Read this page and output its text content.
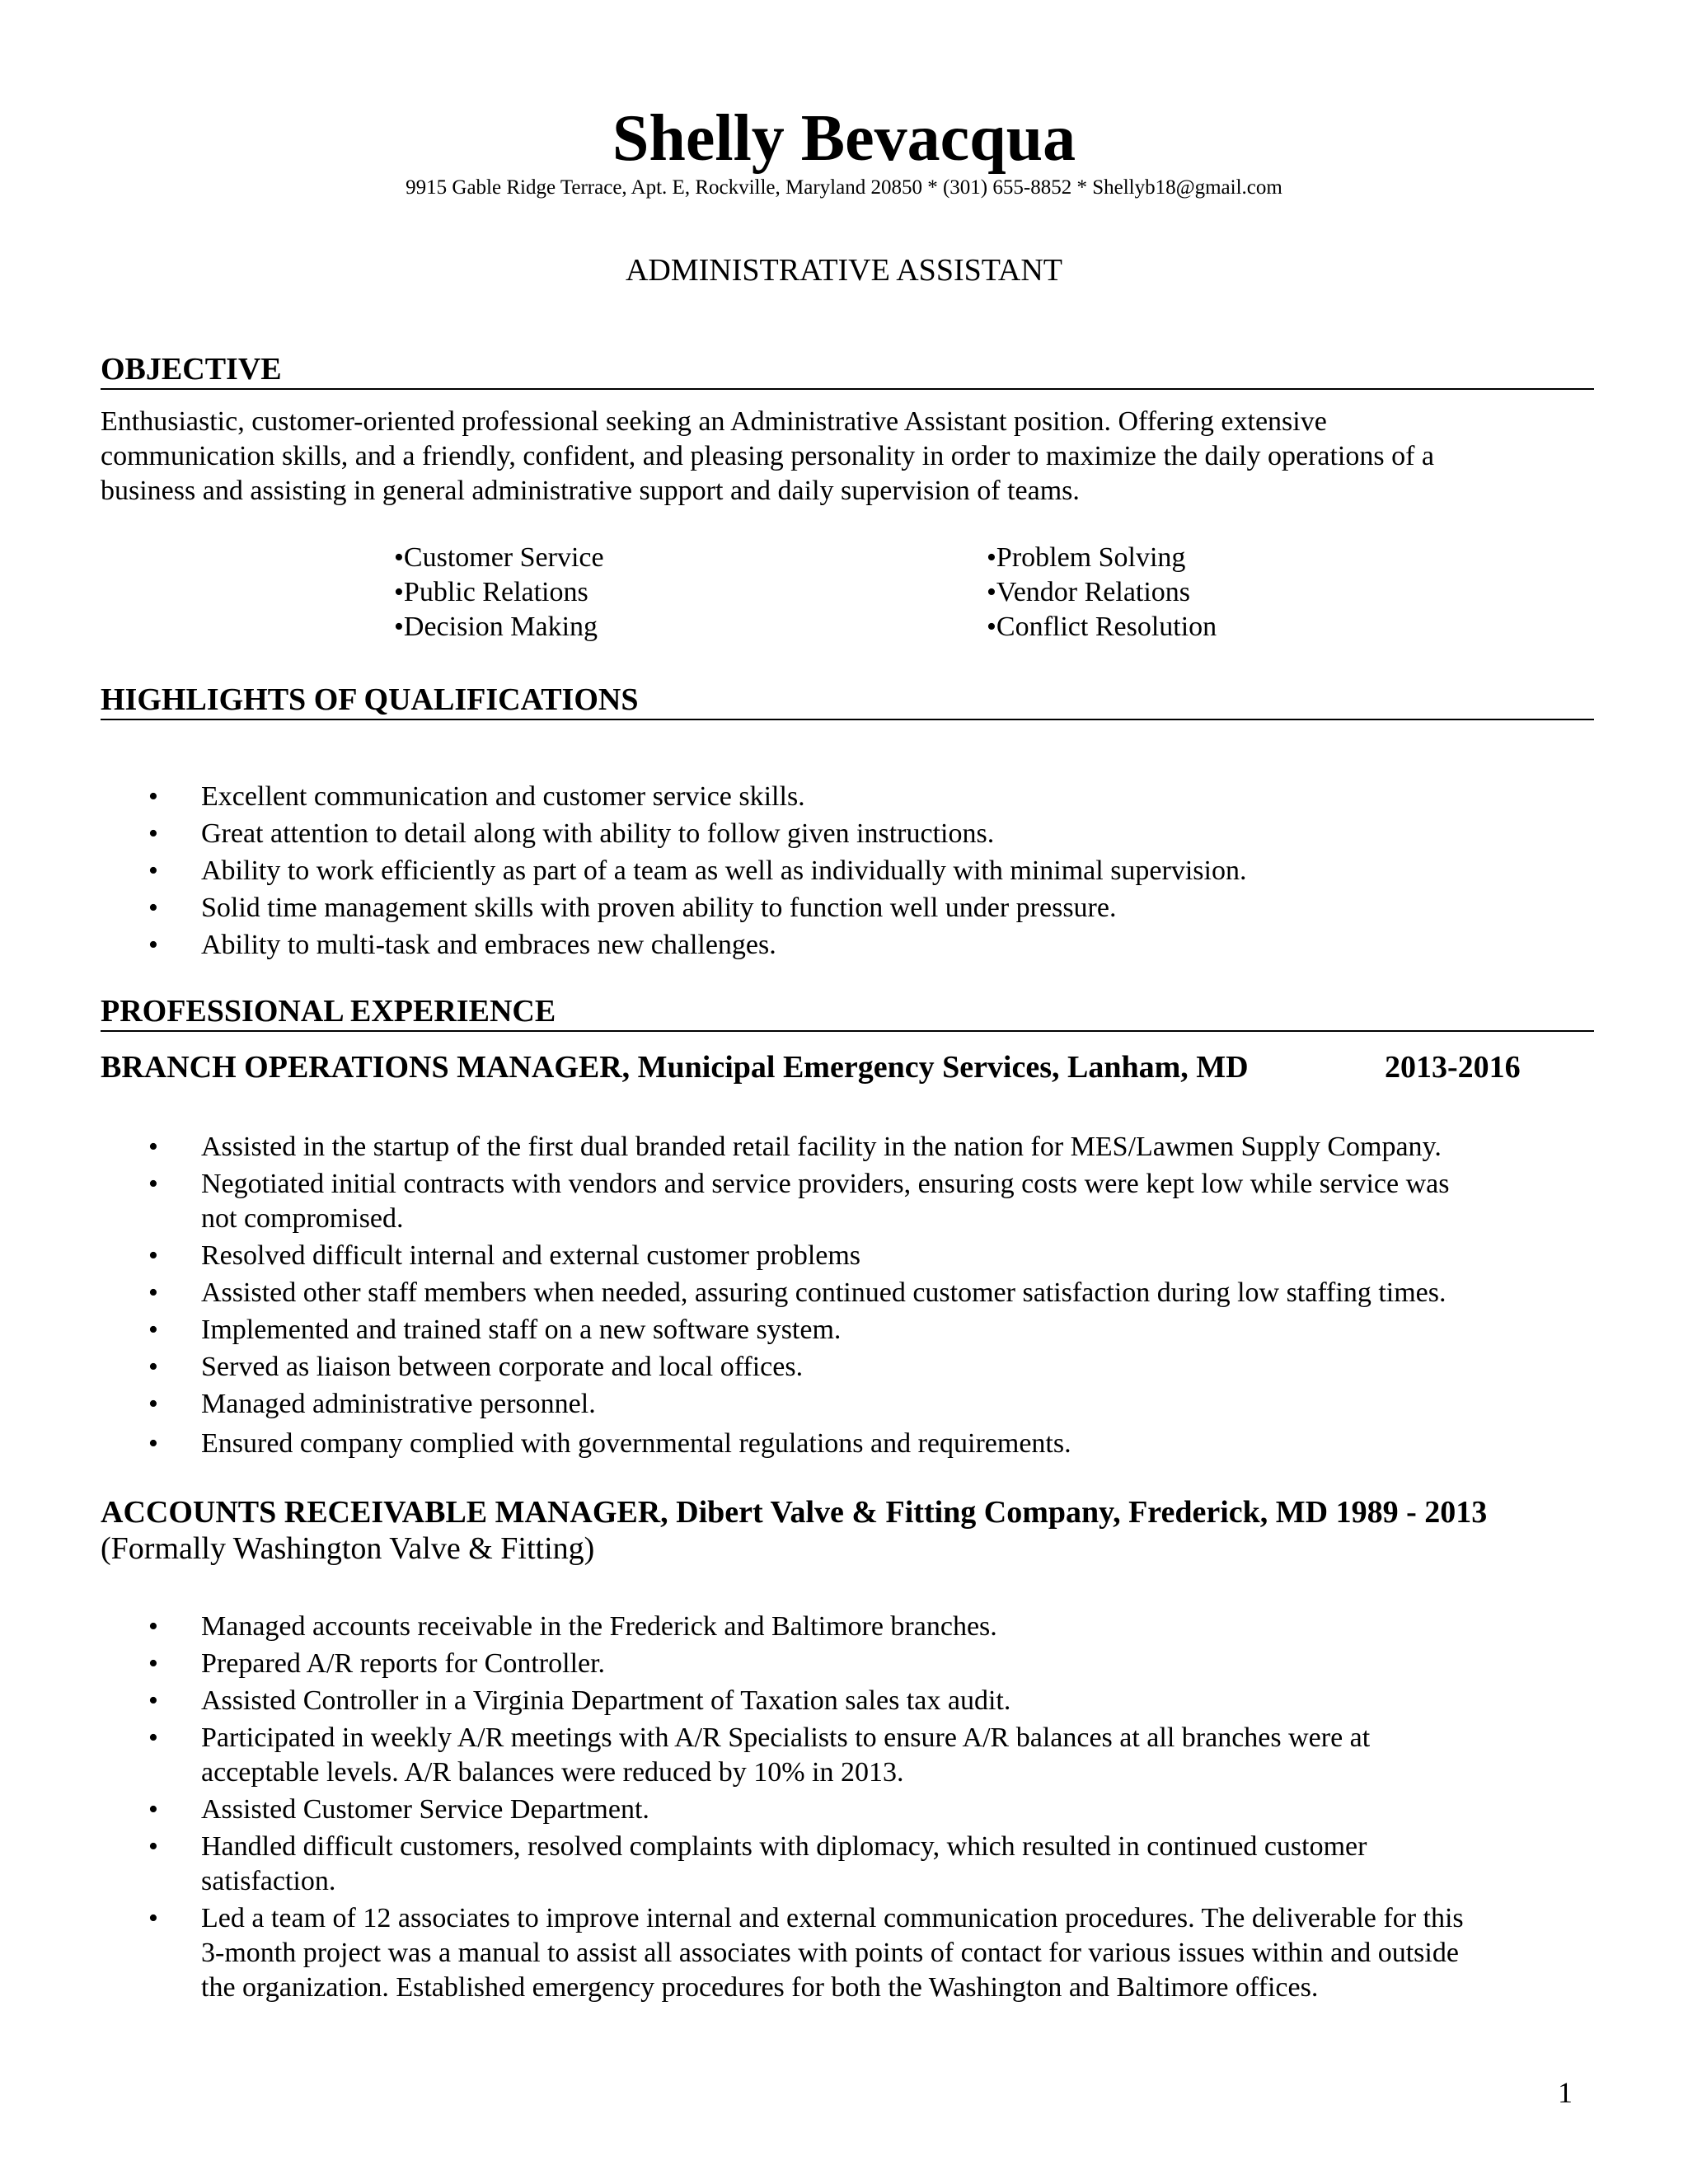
Shelly Bevacqua
9915 Gable Ridge Terrace, Apt. E, Rockville, Maryland 20850 * (301) 655-8852 * Shellyb18@gmail.com
ADMINISTRATIVE ASSISTANT
OBJECTIVE
Enthusiastic, customer-oriented professional seeking an Administrative Assistant position. Offering extensive
communication skills, and a friendly, confident, and pleasing personality in order to maximize the daily operations of a
business and assisting in general administrative support and daily supervision of teams.
•Customer Service
•Public Relations
•Decision Making
•Problem Solving
•Vendor Relations
•Conflict Resolution
HIGHLIGHTS OF QUALIFICATIONS
•	Excellent communication and customer service skills.
•	Great attention to detail along with ability to follow given instructions.
•	Ability to work efficiently as part of a team as well as individually with minimal supervision.
•	Solid time management skills with proven ability to function well under pressure.
•	Ability to multi-task and embraces new challenges.
PROFESSIONAL EXPERIENCE
BRANCH OPERATIONS MANAGER, Municipal Emergency Services, Lanham, MD	2013-2016
•	Assisted in the startup of the first dual branded retail facility in the nation for MES/Lawmen Supply Company.
•	Negotiated initial contracts with vendors and service providers, ensuring costs were kept low while service was
not compromised.
•	Resolved difficult internal and external customer problems
•	Assisted other staff members when needed, assuring continued customer satisfaction during low staffing times.
•	Implemented and trained staff on a new software system.
•	Served as liaison between corporate and local offices.
•	Managed administrative personnel.
•	Ensured company complied with governmental regulations and requirements.
ACCOUNTS RECEIVABLE MANAGER, Dibert Valve & Fitting Company, Frederick, MD 1989 - 2013
(Formally Washington Valve & Fitting)
•	Managed accounts receivable in the Frederick and Baltimore branches.
•	Prepared A/R reports for Controller.
•	Assisted Controller in a Virginia Department of Taxation sales tax audit.
•	Participated in weekly A/R meetings with A/R Specialists to ensure A/R balances at all branches were at
acceptable levels. A/R balances were reduced by 10% in 2013.
•	Assisted Customer Service Department.
•	Handled difficult customers, resolved complaints with diplomacy, which resulted in continued customer
satisfaction.
•	Led a team of 12 associates to improve internal and external communication procedures. The deliverable for this
3-month project was a manual to assist all associates with points of contact for various issues within and outside
the organization. Established emergency procedures for both the Washington and Baltimore offices.
1
